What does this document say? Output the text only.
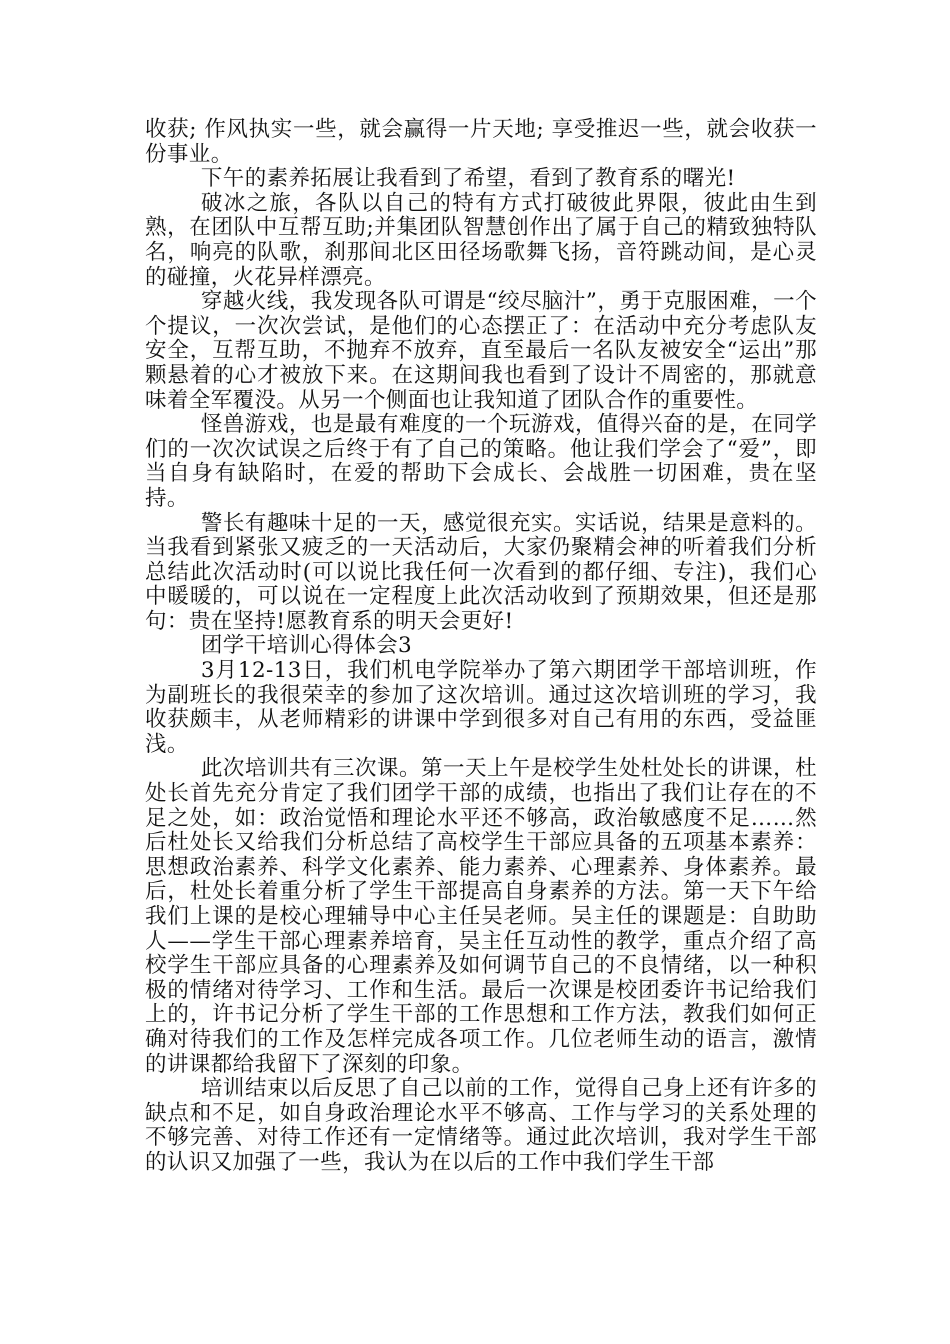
收获; 作风执实一些，就会赢得一片天地; 享受推迟一些，就会收获一份事业。

下午的素养拓展让我看到了希望，看到了教育系的曙光!

破冰之旅，各队以自己的特有方式打破彼此界限，彼此由生到熟，在团队中互帮互助;并集团队智慧创作出了属于自己的精致独特队名，响亮的队歌，刹那间北区田径场歌舞飞扬，音符跳动间，是心灵的碰撞，火花异样漂亮。

穿越火线，我发现各队可谓是“绞尽脑汁”，勇于克服困难，一个个提议，一次次尝试，是他们的心态摆正了：在活动中充分考虑队友安全，互帮互助，不抛弃不放弃，直至最后一名队友被安全“运出”那颗悬着的心才被放下来。在这期间我也看到了设计不周密的，那就意味着全军覆没。从另一个侧面也让我知道了团队合作的重要性。

怪兽游戏，也是最有难度的一个玩游戏，值得兴奋的是，在同学们的一次次试误之后终于有了自己的策略。他让我们学会了“爱”，即当自身有缺陷时，在爱的帮助下会成长、会战胜一切困难，贵在坚持。

警长有趣味十足的一天，感觉很充实。实话说，结果是意料的。当我看到紧张又疲乏的一天活动后，大家仍聚精会神的听着我们分析总结此次活动时(可以说比我任何一次看到的都仔细、专注)，我们心中暖暖的，可以说在一定程度上此次活动收到了预期效果，但还是那句：贵在坚持!愿教育系的明天会更好!

团学干培训心得体会3

3月12-13日，我们机电学院举办了第六期团学干部培训班，作为副班长的我很荣幸的参加了这次培训。通过这次培训班的学习，我收获颇丰，从老师精彩的讲课中学到很多对自己有用的东西，受益匪浅。

此次培训共有三次课。第一天上午是校学生处杜处长的讲课，杜处长首先充分肯定了我们团学干部的成绩，也指出了我们让存在的不足之处，如：政治觉悟和理论水平还不够高，政治敏感度不足……然后杜处长又给我们分析总结了高校学生干部应具备的五项基本素养：思想政治素养、科学文化素养、能力素养、心理素养、身体素养。最后，杜处长着重分析了学生干部提高自身素养的方法。第一天下午给我们上课的是校心理辅导中心主任吴老师。吴主任的课题是：自助助人——学生干部心理素养培育，吴主任互动性的教学，重点介绍了高校学生干部应具备的心理素养及如何调节自己的不良情绪，以一种积极的情绪对待学习、工作和生活。最后一次课是校团委许书记给我们上的，许书记分析了学生干部的工作思想和工作方法，教我们如何正确对待我们的工作及怎样完成各项工作。几位老师生动的语言，激情的讲课都给我留下了深刻的印象。

培训结束以后反思了自己以前的工作，觉得自己身上还有许多的缺点和不足，如自身政治理论水平不够高、工作与学习的关系处理的不够完善、对待工作还有一定情绪等。通过此次培训，我对学生干部的认识又加强了一些，我认为在以后的工作中我们学生干部
